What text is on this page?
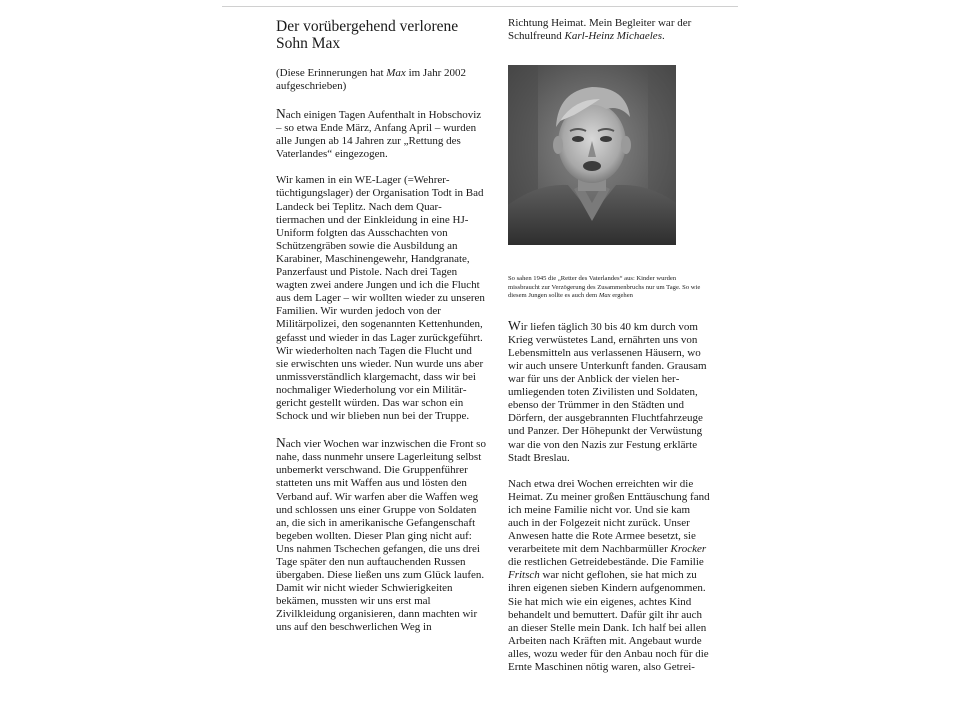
Der vorübergehend verlorene
Sohn Max

(Diese Erinnerungen hat Max im Jahr 2002 aufgeschrieben)

Nach einigen Tagen Aufenthalt in Hobschoviz – so etwa Ende März, Anfang April – wurden alle Jungen ab 14 Jahren zur „Rettung des Vaterlandes“ eingezogen.

Wir kamen in ein WE-Lager (=Wehrertüchtigungslager) der Organisation Todt in Bad Landeck bei Teplitz. Nach dem Quartiermachen und der Einkleidung in eine HJ-Uniform folgten das Ausschachten von Schützengräben sowie die Ausbildung an Karabiner, Maschinengewehr, Handgranate, Panzerfaust und Pistole. Nach drei Tagen wagten zwei andere Jungen und ich die Flucht aus dem Lager – wir wollten wieder zu unseren Familien. Wir wurden jedoch von der Militärpolizei, den sogenannten Kettenhunden, gefasst und wieder in das Lager zurückgeführt. Wir wiederholten nach Tagen die Flucht und sie erwischten uns wieder. Nun wurde uns aber unmissverständlich klargemacht, dass wir bei nochmaliger Wiederholung vor ein Militärgericht gestellt würden. Das war schon ein Schock und wir blieben nun bei der Truppe.

Nach vier Wochen war inzwischen die Front so nahe, dass nunmehr unsere Lagerleitung selbst unbemerkt verschwand. Die Gruppenführer statteten uns mit Waffen aus und lösten den Verband auf. Wir warfen aber die Waffen weg und schlossen uns einer Gruppe von Soldaten an, die sich in amerikanische Gefangenschaft begeben wollten. Dieser Plan ging nicht auf: Uns nahmen Tschechen gefangen, die uns drei Tage später den nun auftauchenden Russen übergaben. Diese ließen uns zum Glück laufen. Damit wir nicht wieder Schwierigkeiten bekämen, mussten wir uns erst mal Zivilkleidung organisieren, dann machten wir uns auf den beschwerlichen Weg in

Richtung Heimat. Mein Begleiter war der Schulfreund Karl-Heinz Michaeles.

So sahen 1945 die „Retter des Vaterlandes“ aus: Kinder wurden missbraucht zur Verzögerung des Zusammenbruchs nur um Tage. So wie diesem Jungen sollte es auch dem Max ergehen

Wir liefen täglich 30 bis 40 km durch vom Krieg verwüstetes Land, ernährten uns von Lebensmitteln aus verlassenen Häusern, wo wir auch unsere Unterkunft fanden. Grausam war für uns der Anblick der vielen herumliegenden toten Zivilisten und Soldaten, ebenso der Trümmer in den Städten und Dörfern, der ausgebrannten Fluchtfahrzeuge und Panzer. Der Höhepunkt der Verwüstung war die von den Nazis zur Festung erklärte Stadt Breslau.

Nach etwa drei Wochen erreichten wir die Heimat. Zu meiner großen Enttäuschung fand ich meine Familie nicht vor. Und sie kam auch in der Folgezeit nicht zurück. Unser Anwesen hatte die Rote Armee besetzt, sie verarbeitete mit dem Nachbarmüller Krocker die restlichen Getreidebestände. Die Familie Fritsch war nicht geflohen, sie hat mich zu ihren eigenen sieben Kindern aufgenommen. Sie hat mich wie ein eigenes, achtes Kind behandelt und bemuttert. Dafür gilt ihr auch an dieser Stelle mein Dank. Ich half bei allen Arbeiten nach Kräften mit. Angebaut wurde alles, wozu weder für den Anbau noch für die Ernte Maschinen nötig waren, also Getrei-
